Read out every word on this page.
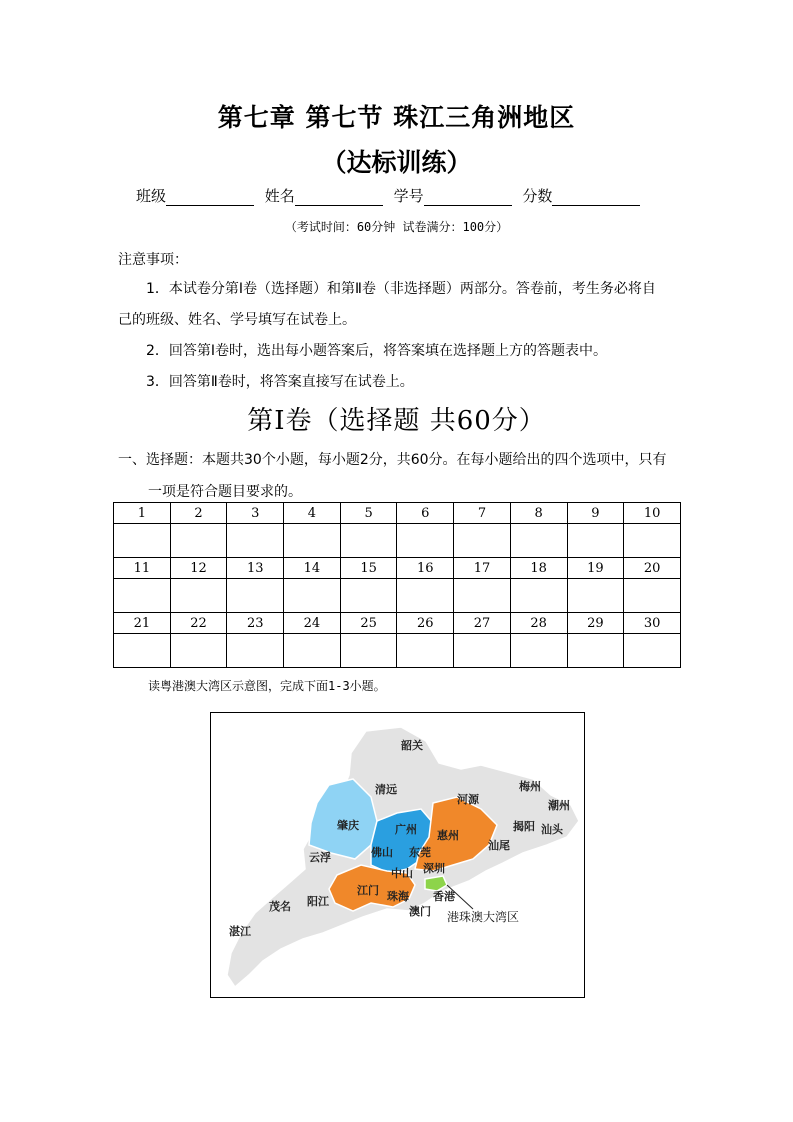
第七章 第七节 珠江三角洲地区
（达标训练）
班级	姓名	学号	分数
（考试时间：60分钟 试卷满分：100分）
注意事项：
1．本试卷分第Ⅰ卷（选择题）和第Ⅱ卷（非选择题）两部分。答卷前，考生务必将自
己的班级、姓名、学号填写在试卷上。
2．回答第Ⅰ卷时，选出每小题答案后，将答案填在选择题上方的答题表中。
3．回答第Ⅱ卷时，将答案直接写在试卷上。
第Ⅰ卷（选择题 共60分）
一、选择题：本题共30个小题，每小题2分，共60分。在每小题给出的四个选项中，只有
一项是符合题目要求的。
1	2	3	4	5	6	7	8	9	10

11	12	13	14	15	16	17	18	19	20

21	22	23	24	25	26	27	28	29	30

读粤港澳大湾区示意图，完成下面1-3小题。
韶关
清远
河源
梅州
潮州
肇庆	广州 惠州
揭阳 汕头
汕尾
云浮	佛山 东莞
深圳
中山
江门 珠海 香港
澳门
茂名 阳江
湛江
港珠澳大湾区
